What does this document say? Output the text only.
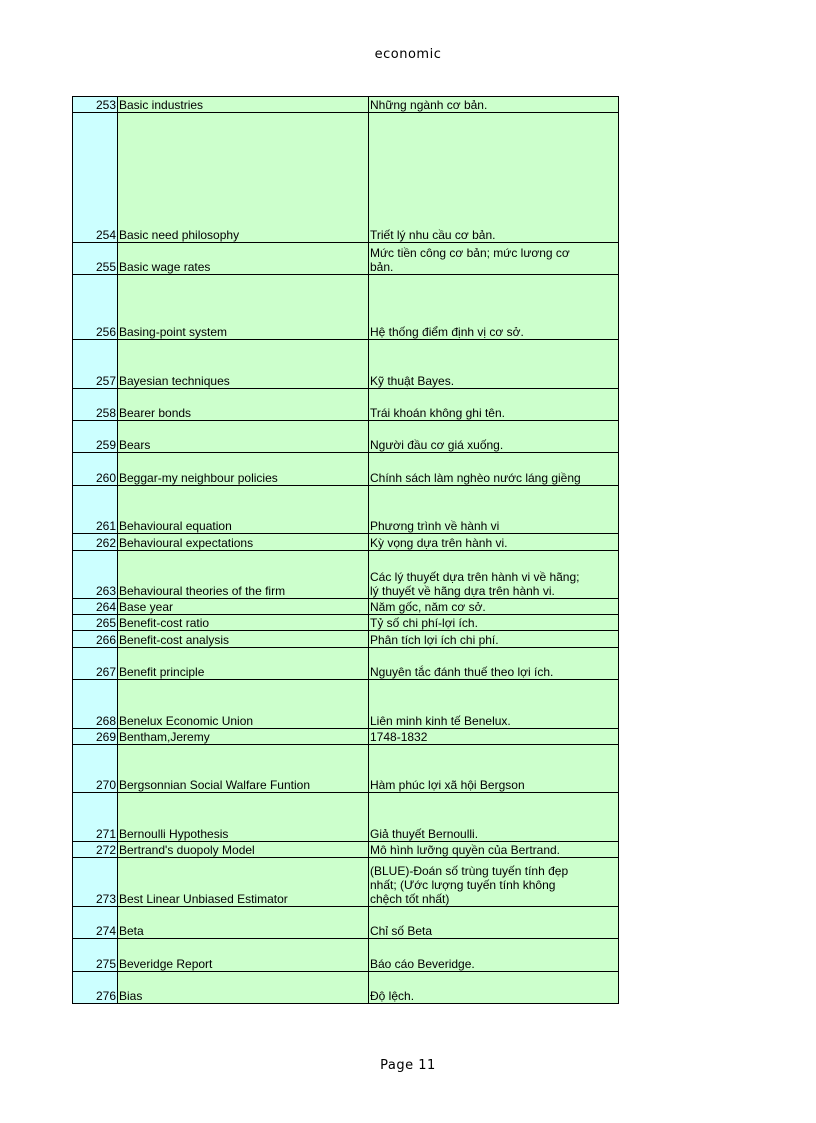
economic
253	Basic industries	Những ngành cơ bản.
254	Basic need philosophy	Triết lý nhu cầu cơ bản.
255	Basic wage rates	Mức tiền công cơ bản; mức lương cơ
bản.
256	Basing-point system	Hệ thống điểm định vị cơ sở.
257	Bayesian techniques	Kỹ thuật Bayes.
258	Bearer bonds	Trái khoán không ghi tên.
259	Bears	Người đầu cơ giá xuống.
260	Beggar-my neighbour policies	Chính sách làm nghèo nước láng giềng
261	Behavioural equation	Phương trình về hành vi
262	Behavioural expectations	Kỳ vọng dựa trên hành vi.
263	Behavioural theories of the firm	Các lý thuyết dựa trên hành vi về hãng;
lý thuyết về hãng dựa trên hành vi.
264	Base year	Năm gốc, năm cơ sở.
265	Benefit-cost ratio	Tỷ số chi phí-lợi ích.
266	Benefit-cost analysis	Phân tích lợi ích chi phí.
267	Benefit principle	Nguyên tắc đánh thuế theo lợi ích.
268	Benelux Economic Union	Liên minh kinh tế Benelux.
269	Bentham,Jeremy	1748-1832
270	Bergsonnian Social Walfare Funtion	Hàm phúc lợi xã hội Bergson
271	Bernoulli Hypothesis	Giả thuyết Bernoulli.
272	Bertrand's duopoly Model	Mô hình lưỡng quyền của Bertrand.
273	Best Linear Unbiased Estimator	(BLUE)-Đoán số trùng tuyến tính đẹp
nhất; (Ước lượng tuyến tính không
chệch tốt nhất)
274	Beta	Chỉ số Beta
275	Beveridge Report	Báo cáo Beveridge.
276	Bias	Độ lệch.
Page 11
